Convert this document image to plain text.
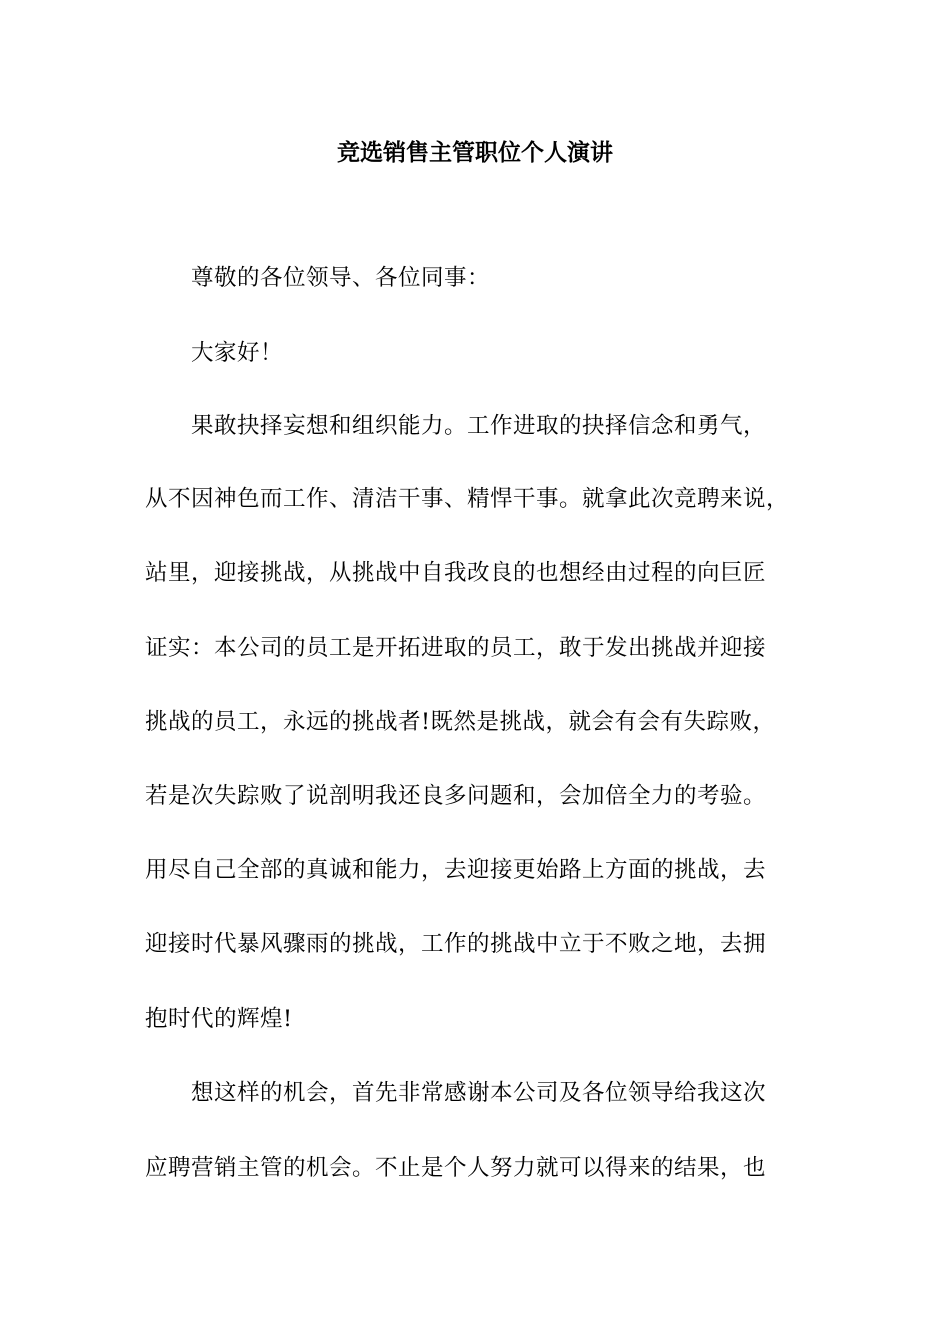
竞选销售主管职位个人演讲
尊敬的各位领导、各位同事：
大家好！
果敢抉择妄想和组织能力。工作进取的抉择信念和勇气，
从不因神色而工作、清洁干事、精悍干事。就拿此次竞聘来说，
站里，迎接挑战，从挑战中自我改良的也想经由过程的向巨匠
证实：本公司的员工是开拓进取的员工，敢于发出挑战并迎接
挑战的员工，永远的挑战者!既然是挑战，就会有会有失踪败，
若是次失踪败了说剖明我还良多问题和，会加倍全力的考验。
用尽自己全部的真诚和能力，去迎接更始路上方面的挑战，去
迎接时代暴风骤雨的挑战，工作的挑战中立于不败之地，去拥
抱时代的辉煌!
想这样的机会，首先非常感谢本公司及各位领导给我这次
应聘营销主管的机会。不止是个人努力就可以得来的结果，也
